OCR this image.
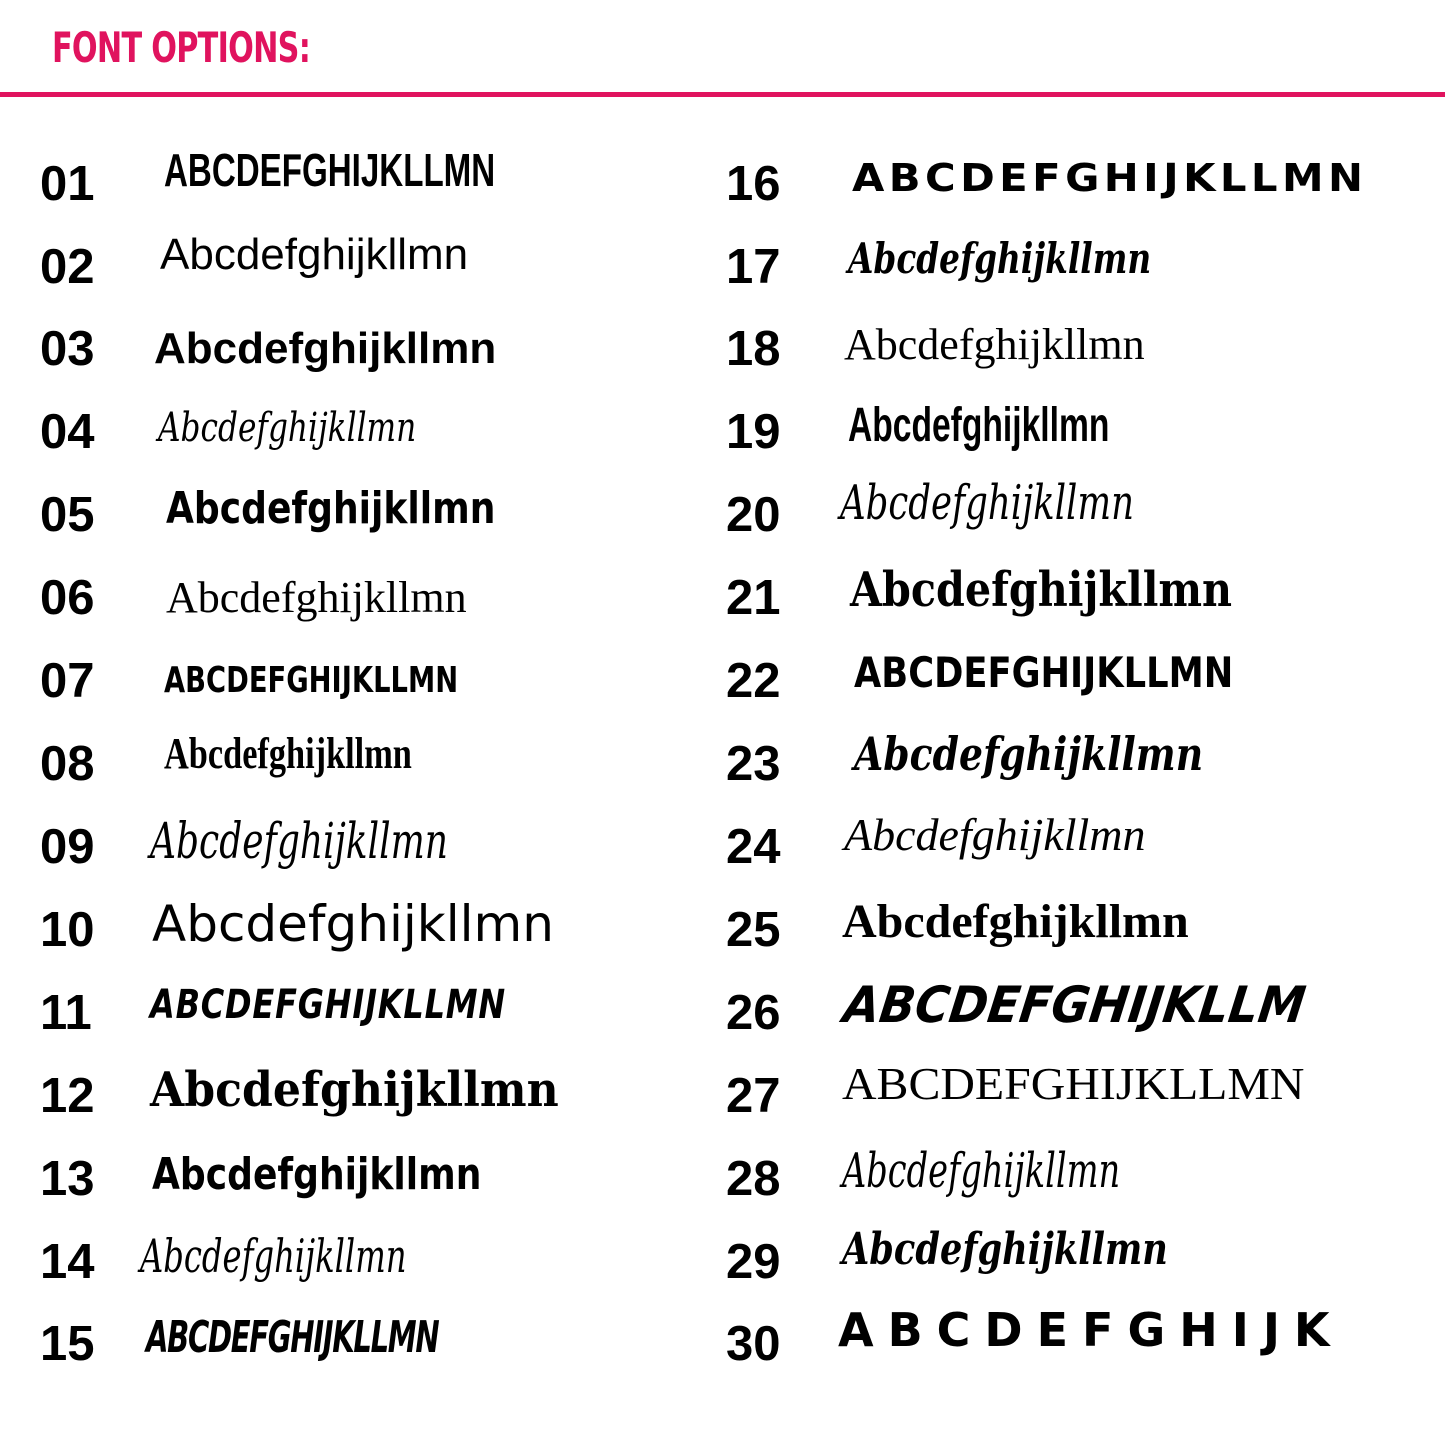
FONT OPTIONS:
01 ABCDEFGHIJKLLMN
02 Abcdefghijkllmn
03 Abcdefghijkllmn
04 Abcdefghijkllmn
05 Abcdefghijkllmn
06 Abcdefghijkllmn
07 ABCDEFGHIJKLLMN
08 Abcdefghijkllmn
09 Abcdefghijkllmn
10 Abcdefghijkllmn
11 ABCDEFGHIJKLLMN
12 Abcdefghijkllmn
13 Abcdefghijkllmn
14 Abcdefghijkllmn
15 ABCDEFGHIJKLLMN
16 ABCDEFGHIJKLLMN
17 Abcdefghijkllmn
18 Abcdefghijkllmn
19 Abcdefghijkllmn
20 Abcdefghijkllmn
21 Abcdefghijkllmn
22 ABCDEFGHIJKLLMN
23 Abcdefghijkllmn
24 Abcdefghijkllmn
25 Abcdefghijkllmn
26 ABCDEFGHIJKLLM
27 ABCDEFGHIJKLLMN
28 Abcdefghijkllmn
29 Abcdefghijkllmn
30 ABCDEFGHIJK
